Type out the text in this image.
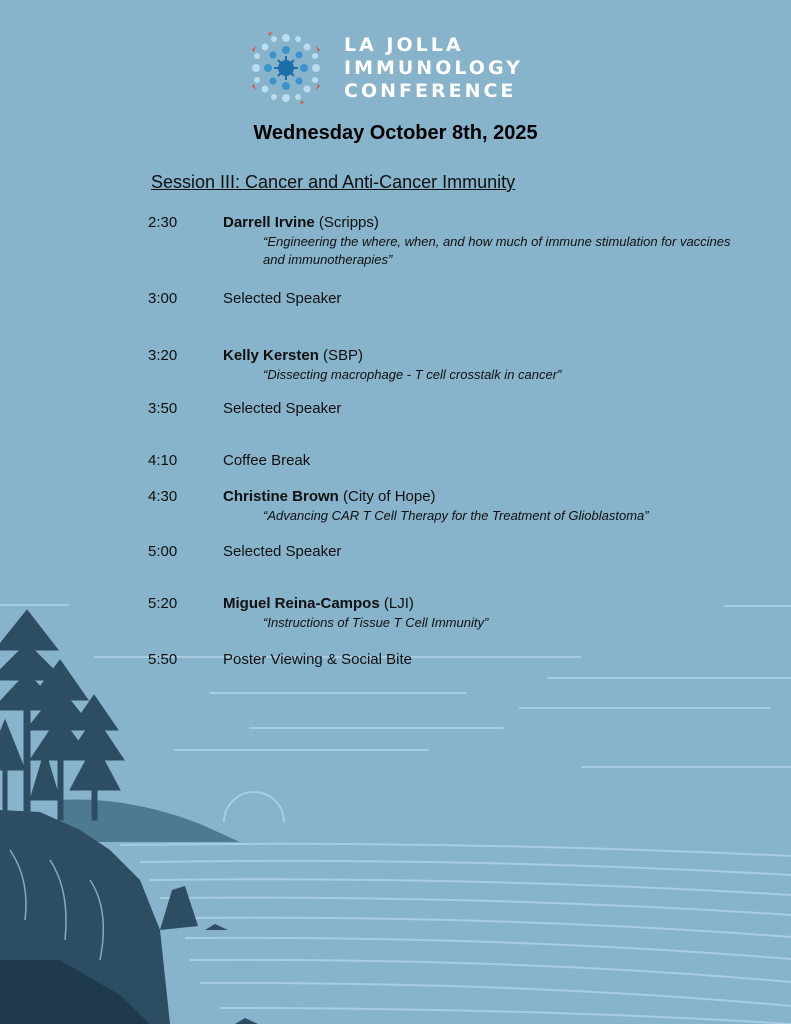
LA JOLLA
IMMUNOLOGY
CONFERENCE
Wednesday October 8th, 2025
Session III: Cancer and Anti-Cancer Immunity
2:30	Darrell Irvine (Scripps)
“Engineering the where, when, and how much of immune stimulation for vaccines and immunotherapies”
3:00	Selected Speaker
3:20	Kelly Kersten (SBP)
“Dissecting macrophage - T cell crosstalk in cancer”
3:50	Selected Speaker
4:10	Coffee Break
4:30	Christine Brown (City of Hope)
“Advancing CAR T Cell Therapy for the Treatment of Glioblastoma”
5:00	Selected Speaker
5:20	Miguel Reina-Campos (LJI)
“Instructions of Tissue T Cell Immunity”
5:50	Poster Viewing & Social Bite
